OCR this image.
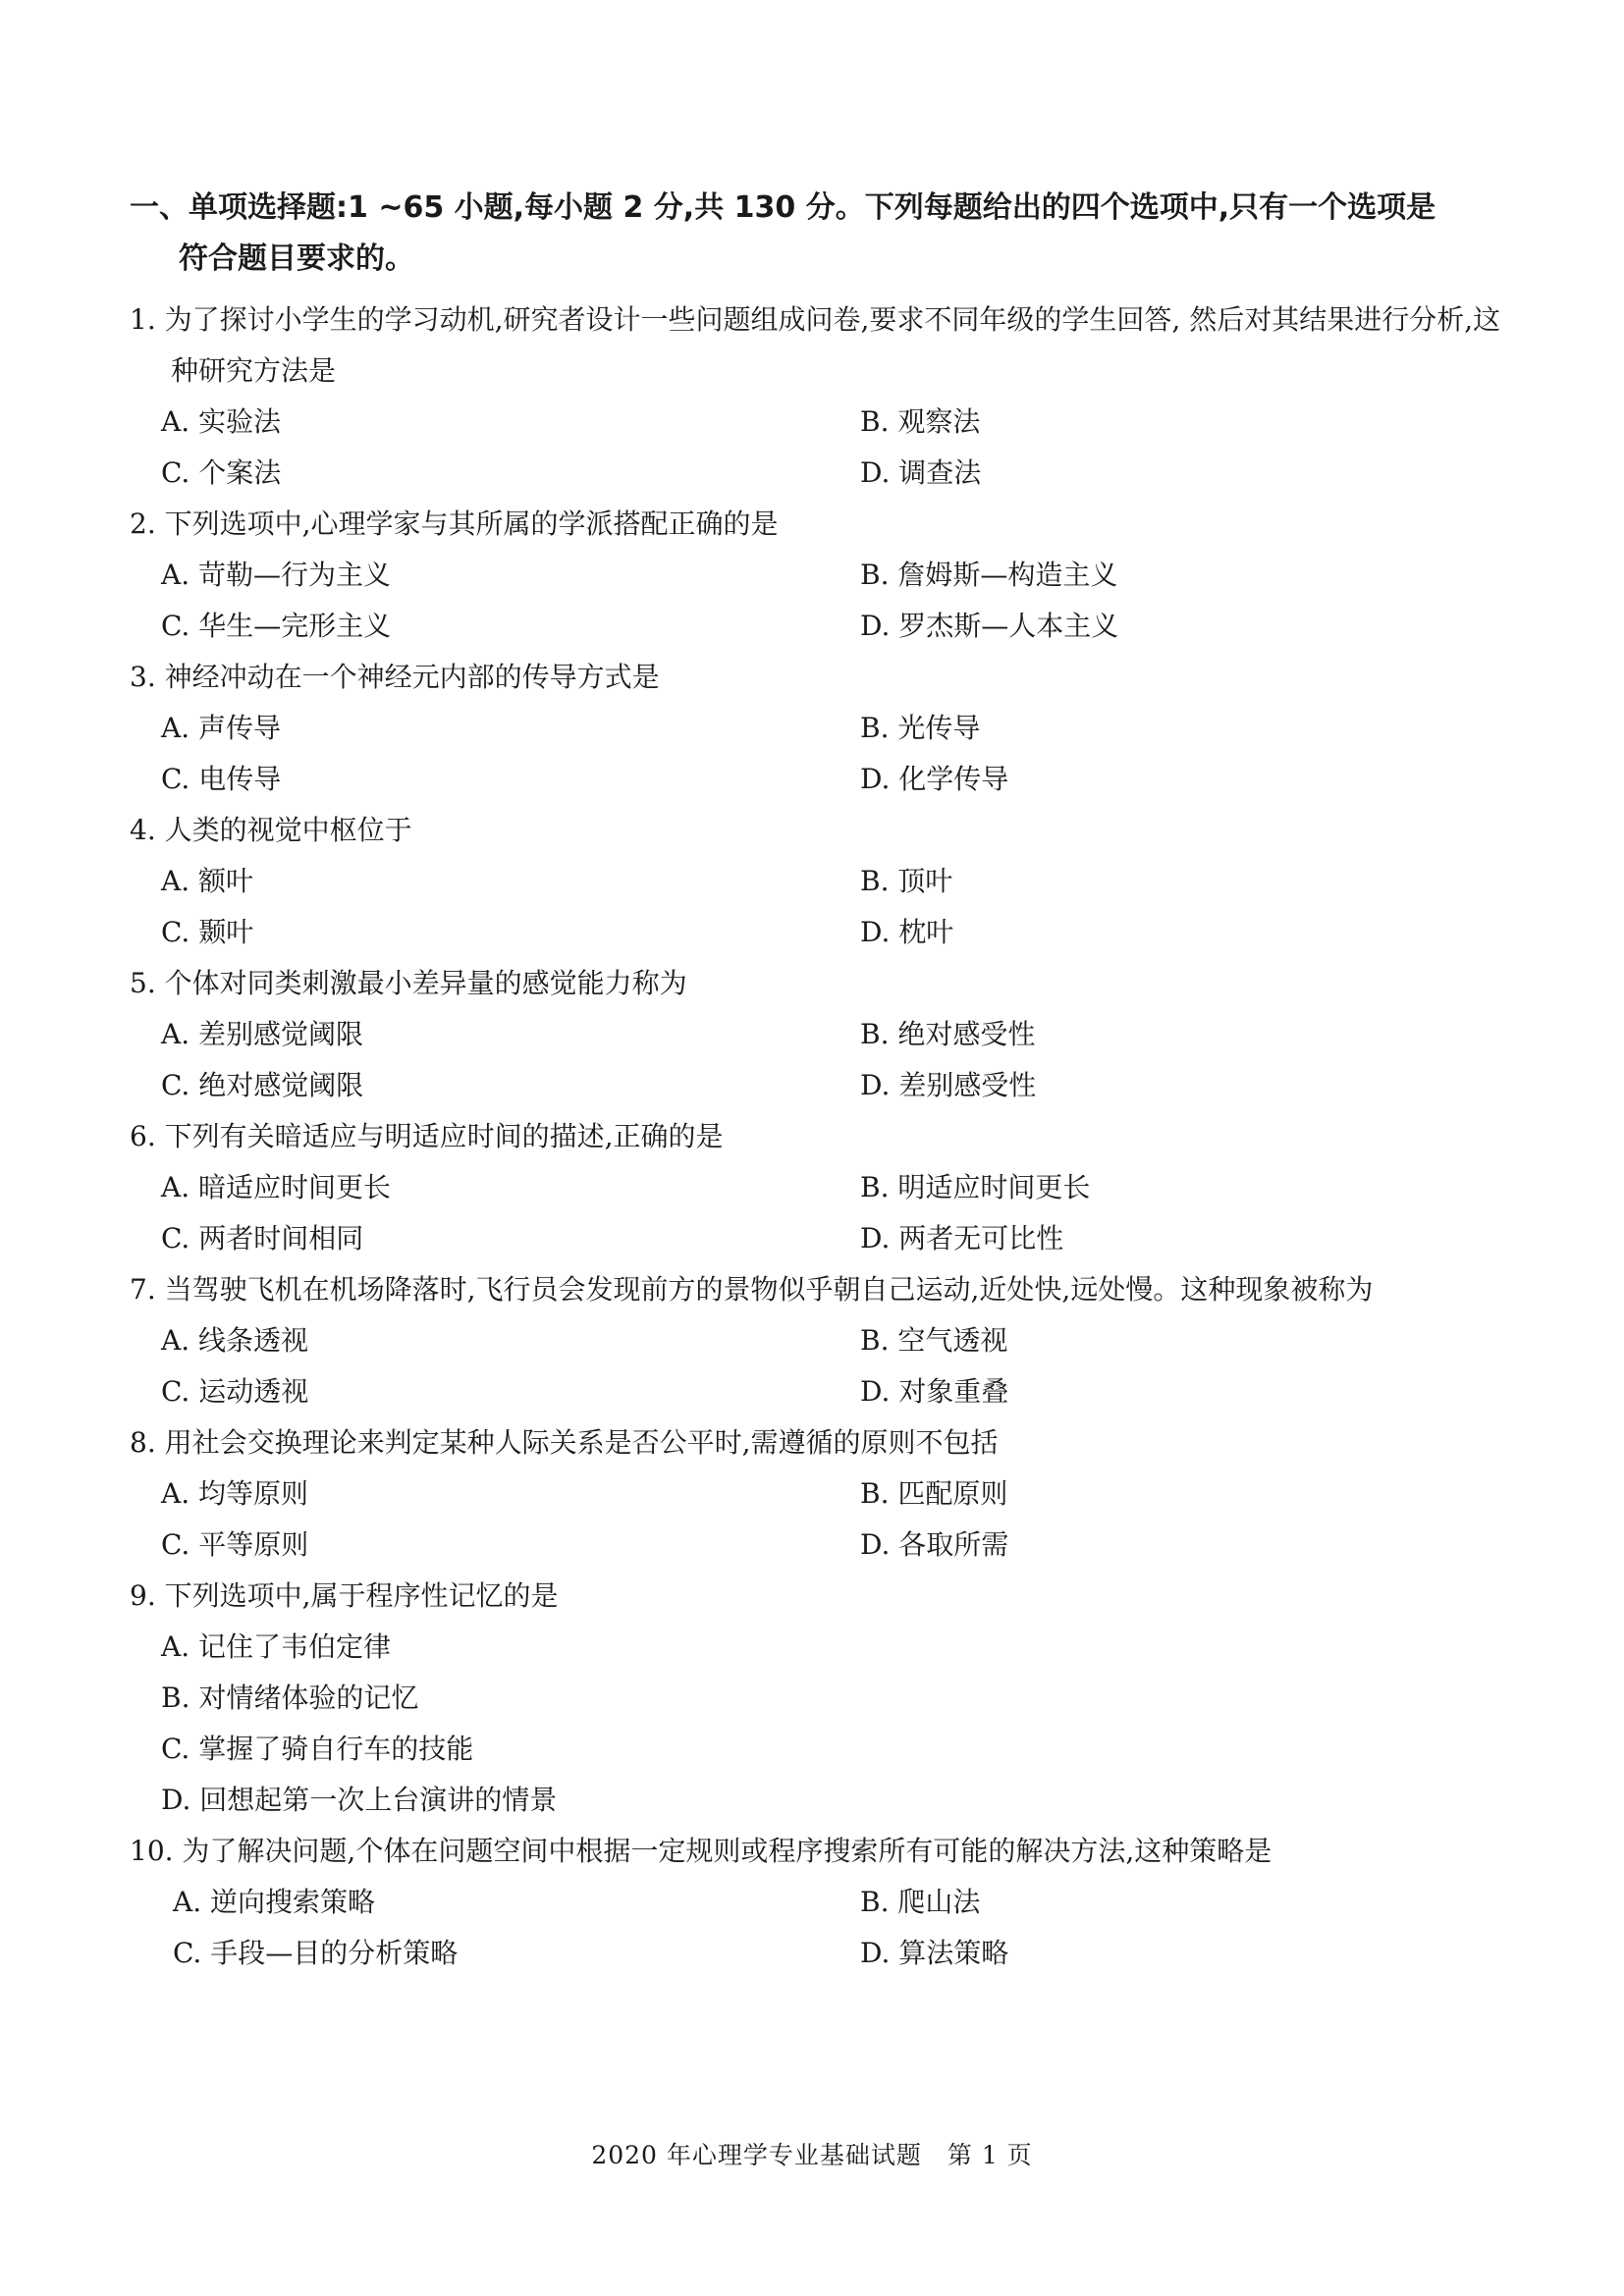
一、单项选择题:1 ~65 小题,每小题 2 分,共 130 分。下列每题给出的四个选项中,只有一个选项是
符合题目要求的。
1. 为了探讨小学生的学习动机,研究者设计一些问题组成问卷,要求不同年级的学生回答, 然后对其结果进行分析,这种研究方法是
A. 实验法	B. 观察法
C. 个案法	D. 调查法
2. 下列选项中,心理学家与其所属的学派搭配正确的是
A. 苛勒—行为主义	B. 詹姆斯—构造主义
C. 华生—完形主义	D. 罗杰斯—人本主义
3. 神经冲动在一个神经元内部的传导方式是
A. 声传导	B. 光传导
C. 电传导	D. 化学传导
4. 人类的视觉中枢位于
A. 额叶	B. 顶叶
C. 颞叶	D. 枕叶
5. 个体对同类刺激最小差异量的感觉能力称为
A. 差别感觉阈限	B. 绝对感受性
C. 绝对感觉阈限	D. 差别感受性
6. 下列有关暗适应与明适应时间的描述,正确的是
A. 暗适应时间更长	B. 明适应时间更长
C. 两者时间相同	D. 两者无可比性
7. 当驾驶飞机在机场降落时,飞行员会发现前方的景物似乎朝自己运动,近处快,远处慢。这种现象被称为
A. 线条透视	B. 空气透视
C. 运动透视	D. 对象重叠
8. 用社会交换理论来判定某种人际关系是否公平时,需遵循的原则不包括
A. 均等原则	B. 匹配原则
C. 平等原则	D. 各取所需
9. 下列选项中,属于程序性记忆的是
A. 记住了韦伯定律
B. 对情绪体验的记忆
C. 掌握了骑自行车的技能
D. 回想起第一次上台演讲的情景
10. 为了解决问题,个体在问题空间中根据一定规则或程序搜索所有可能的解决方法,这种策略是
A. 逆向搜索策略	B. 爬山法
C. 手段—目的分析策略	D. 算法策略
2020 年心理学专业基础试题　第 1 页
